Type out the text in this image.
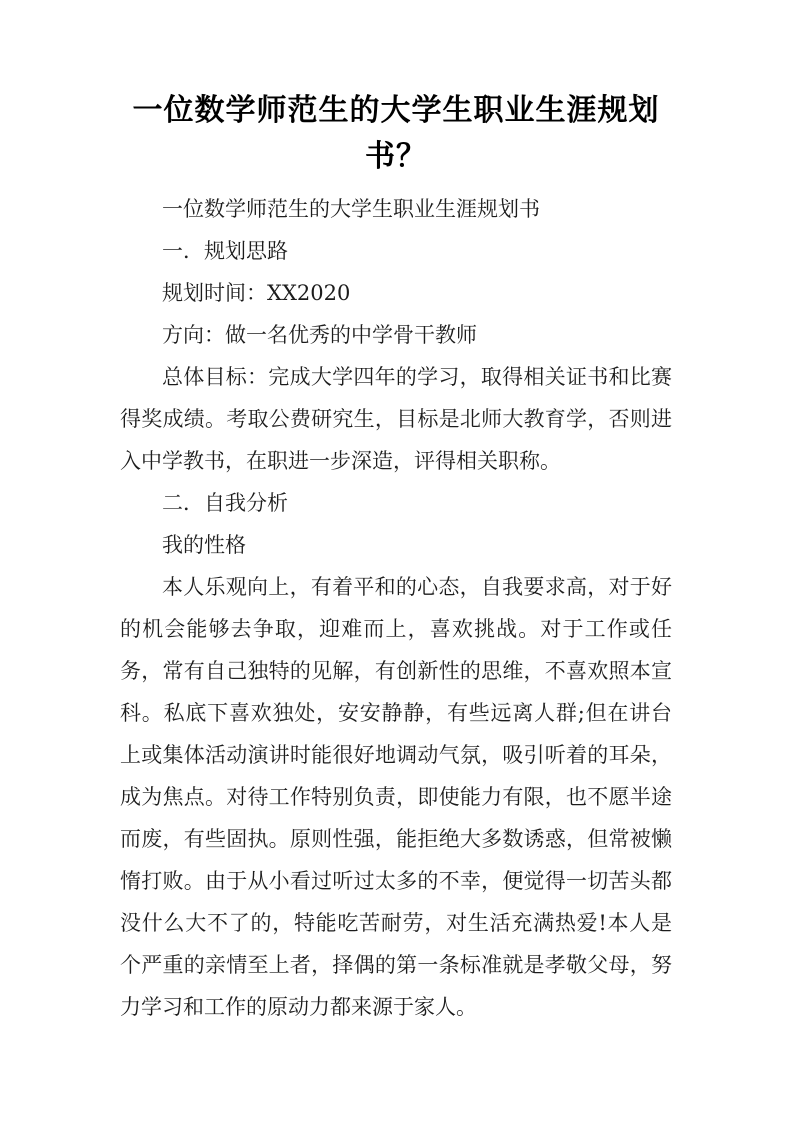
一位数学师范生的大学生职业生涯规划
书？

一位数学师范生的大学生职业生涯规划书

一．规划思路

规划时间：XX2020

方向：做一名优秀的中学骨干教师

总体目标：完成大学四年的学习，取得相关证书和比赛得奖成绩。考取公费研究生，目标是北师大教育学，否则进入中学教书，在职进一步深造，评得相关职称。

二．自我分析

我的性格

本人乐观向上，有着平和的心态，自我要求高，对于好的机会能够去争取，迎难而上，喜欢挑战。对于工作或任务，常有自己独特的见解，有创新性的思维，不喜欢照本宣科。私底下喜欢独处，安安静静，有些远离人群;但在讲台上或集体活动演讲时能很好地调动气氛，吸引听着的耳朵，成为焦点。对待工作特别负责，即使能力有限，也不愿半途而废，有些固执。原则性强，能拒绝大多数诱惑，但常被懒惰打败。由于从小看过听过太多的不幸，便觉得一切苦头都没什么大不了的，特能吃苦耐劳，对生活充满热爱!本人是个严重的亲情至上者，择偶的第一条标准就是孝敬父母，努力学习和工作的原动力都来源于家人。
